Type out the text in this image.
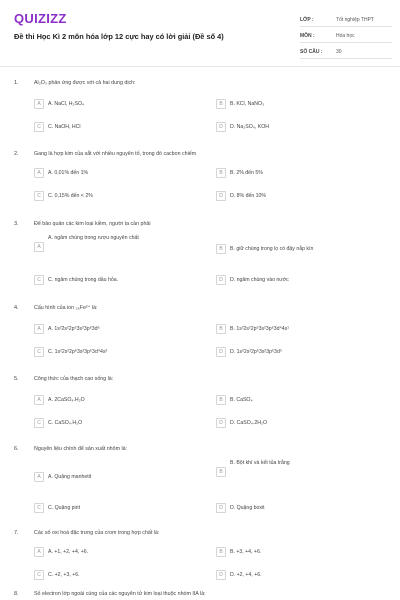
QUIZIZZ
Đề thi Học Kì 2 môn hóa lớp 12 cực hay có lời giải (Đề số 4)
LỚP :	Tốt nghiệp THPT
MÔN :	Hóa học
SỐ CÂU :	30
1.	Al₂O₃ phản ứng được với cả hai dung dịch:
A	A. NaCl, H₂SO₄	B	B. KCl, NaNO₃
C	C. NaOH, HCl	D	D. Na₂SO₄, KOH
2.	Gang là hợp kim của sắt với nhiều nguyên tố, trong đó cacbon chiếm
A	A. 0,01% đến 1%	B	B. 2% đến 5%
C	C. 0,15% đến < 2%	D	D. 8% đến 10%
3.	Để bảo quản các kim loại kiềm, người ta cần phải
A
A. ngâm chúng trong rượu nguyên chất
B	B. giữ chúng trong lọ có đậy nắp kín
C	C. ngâm chúng trong dầu hỏa.	D	D. ngâm chúng vào nước
4.	Cấu hình của ion ₂₆Fe²⁺ là:
A	A. 1s²2s²2p⁶3s²3p⁶3d⁶	B	B. 1s²2s²2p⁶3s²3p⁶3d⁴4s¹
C	C. 1s²2s²2p⁶3s²3p⁶3d⁴4s²	D	D. 1s²2s²2p⁶3s²3p⁶3d⁵
5.	Công thức của thạch cao sống là:
A	A. 2CaSO₄.H₂O	B	B. CaSO₄
C	C. CaSO₄.H₂O	D	D. CaSO₄.2H₂O
6.	Nguyên liệu chính để sản xuất nhôm là:
A	A. Quặng manhetit
B
B. Bột khí và kết tủa trắng
C	C. Quặng pirit	D	D. Quặng boxit
7.	Các số oxi hoá đặc trưng của crom trong hợp chất là:
A	A. +1, +2, +4, +6.	B	B. +3, +4, +6.
C	C. +2, +3, +6.	D	D. +2, +4, +6.
8.	Số electron lớp ngoài cùng của các nguyên tử kim loại thuộc nhóm IIA là:
